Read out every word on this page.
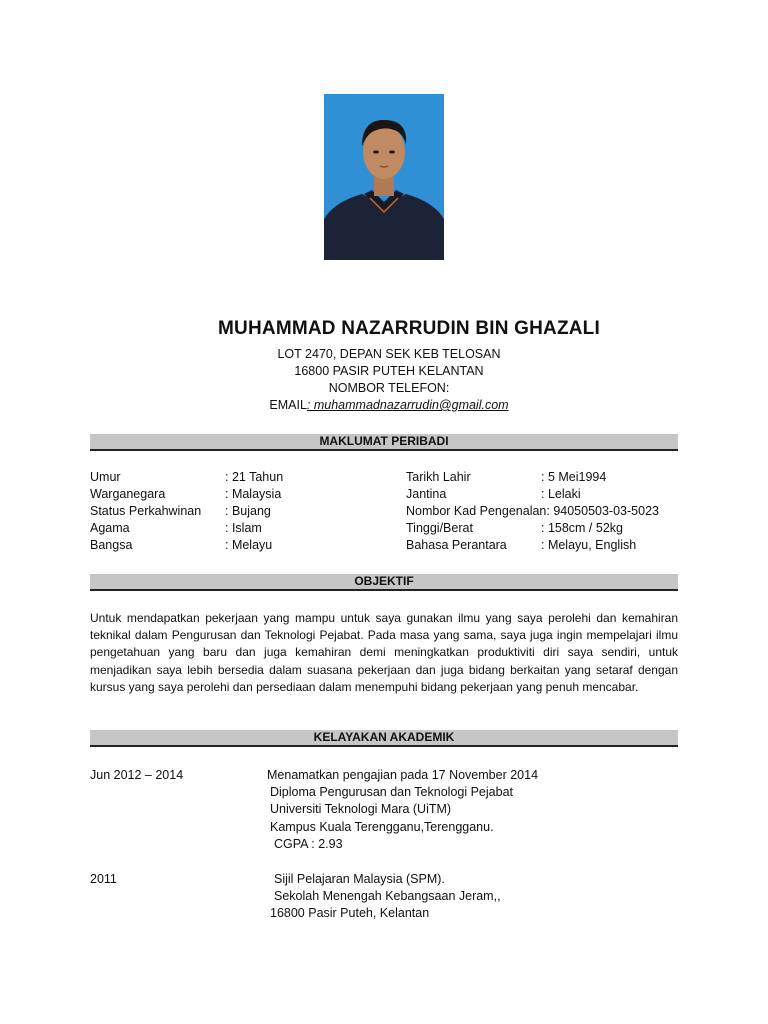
MUHAMMAD NAZARRUDIN BIN GHAZALI
LOT 2470, DEPAN SEK KEB TELOSAN
16800 PASIR PUTEH KELANTAN
NOMBOR TELEFON:
EMAIL: muhammadnazarrudin@gmail.com
MAKLUMAT PERIBADI
Umur	: 21 Tahun
Warganegara	: Malaysia
Status Perkahwinan : Bujang
Agama	: Islam
Bangsa	: Melayu
Tarikh Lahir	: 5 Mei1994
Jantina	: Lelaki
Nombor Kad Pengenalan: 94050503-03-5023
Tinggi/Berat	: 158cm / 52kg
Bahasa Perantara	: Melayu, English
OBJEKTIF
Untuk mendapatkan pekerjaan yang mampu untuk saya gunakan ilmu yang saya perolehi dan kemahiran teknikal dalam Pengurusan dan Teknologi Pejabat. Pada masa yang sama, saya juga ingin mempelajari ilmu pengetahuan yang baru dan juga kemahiran demi meningkatkan produktiviti diri saya sendiri, untuk menjadikan saya lebih bersedia dalam suasana pekerjaan dan juga bidang berkaitan yang setaraf dengan kursus yang saya perolehi dan persediaan dalam menempuhi bidang pekerjaan yang penuh mencabar.
KELAYAKAN AKADEMIK
Jun 2012 – 2014	Menamatkan pengajian pada 17 November 2014
Diploma Pengurusan dan Teknologi Pejabat
Universiti Teknologi Mara (UiTM)
Kampus Kuala Terengganu,Terengganu.
CGPA : 2.93
2011	Sijil Pelajaran Malaysia (SPM).
Sekolah Menengah Kebangsaan Jeram,,
16800 Pasir Puteh, Kelantan
